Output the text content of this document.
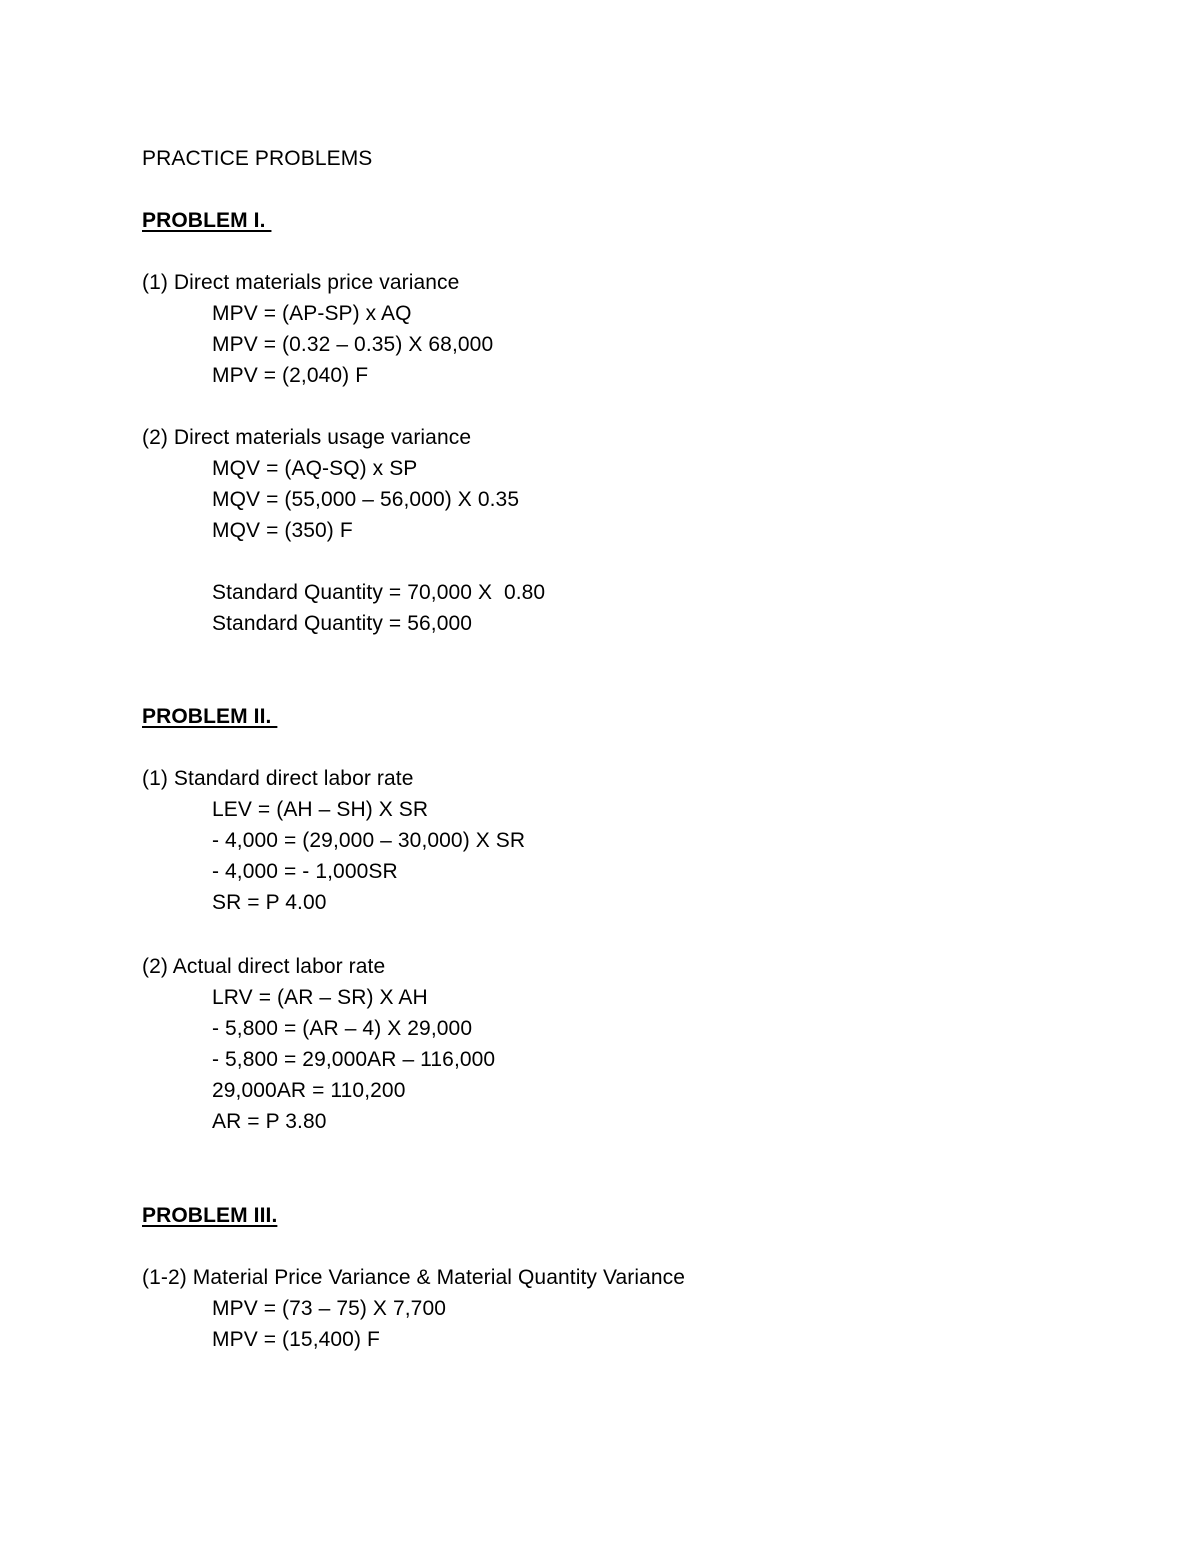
PRACTICE PROBLEMS
PROBLEM I.
(1) Direct materials price variance
MPV = (AP-SP) x AQ
MPV = (0.32 – 0.35) X 68,000
MPV = (2,040) F
(2) Direct materials usage variance
MQV = (AQ-SQ) x SP
MQV = (55,000 – 56,000) X 0.35
MQV = (350) F
Standard Quantity = 70,000 X  0.80
Standard Quantity = 56,000
PROBLEM II.
(1) Standard direct labor rate
LEV = (AH – SH) X SR
- 4,000 = (29,000 – 30,000) X SR
- 4,000 = - 1,000SR
SR = P 4.00
(2) Actual direct labor rate
LRV = (AR – SR) X AH
- 5,800 = (AR – 4) X 29,000
- 5,800 = 29,000AR – 116,000
29,000AR = 110,200
AR = P 3.80
PROBLEM III.
(1-2) Material Price Variance & Material Quantity Variance
MPV = (73 – 75) X 7,700
MPV = (15,400) F
